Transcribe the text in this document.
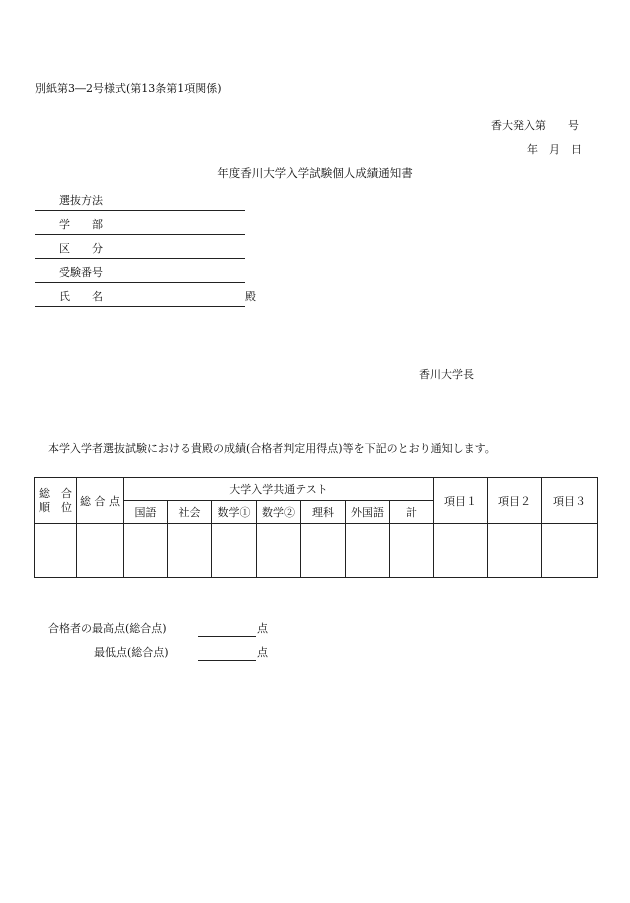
別紙第3―2号様式(第13条第1項関係)
香大発入第　　号
年　月　日
年度香川大学入学試験個人成績通知書
選抜方法
学　　部
区　　分
受験番号
氏　　名	殿
香川大学長
本学入学者選抜試験における貴殿の成績(合格者判定用得点)等を下記のとおり通知します。
総　合
順　位	総 合 点	大学入学共通テスト							項目１	項目２	項目３
		国語	社会	数学①	数学②	理科	外国語	計			

合格者の最高点(総合点)	点
最低点(総合点)	点
